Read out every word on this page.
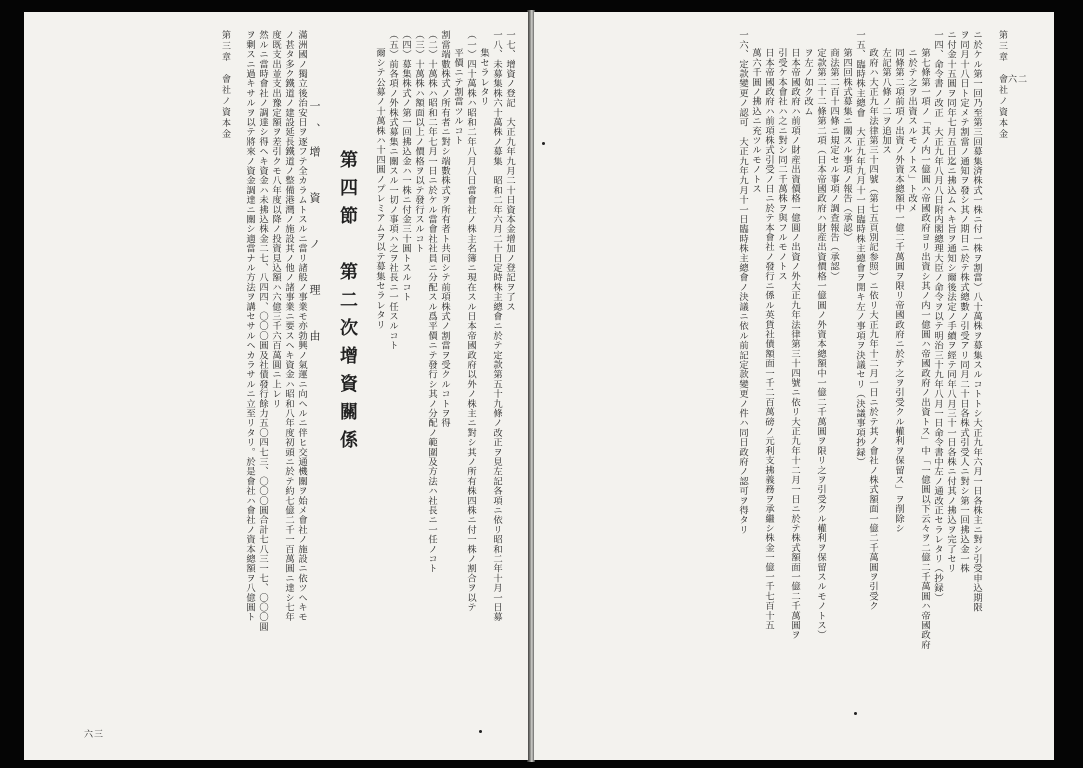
一七、增資ノ登記　大正九年九月二十日資本金增加ノ登記ヲ了ス
一八、未募集株六十萬株ノ募集　昭和二年六月二十日定時株主總會ニ於テ定款第五十九條ノ改正ヲ見左記各項ニ依リ昭和二年十月一日募
集セラレタリ
（一）四十萬株ハ昭和二年八月八日當會社ノ株主名簿ニ現在スル日本帝國政府以外ノ株主ニ對シ其ノ所有株四株ニ付一株ノ割合ヲ以テ
平價ニテ割當ツルコト
割當端數株式ノ所有者ニ對シ端數株式ヲ所有者ト共同シテ前項株式ノ割當ヲ受クルコトヲ得
（二）十萬株ハ昭和二年七月一日ニ於ケル當會社社員ニ分配スル爲平價ニテ發行シ其ノ分配ノ範圍及方法ハ社長ニ一任ノコト
（三）十萬株ハ額面以上ノ價格ヲ以テ發行スルコト
（四）募集株式ノ第一回拂込金ハ一株ニ付金三十圓トスルコト
（五）前各項ノ外株式募集ニ關スル一切ノ事項ハ之ヲ社長ニ一任スルコト
爾シテ公募ノ十萬株ハ十四圓ノプレミアムヲ以テ募集セラレタリ
第四節　第二次增資關係
一、增　資　ノ　理　由
滿洲國ノ獨立後治安日ヲ逐フテ全カラムトスルニ當リ諸般ノ事業モ亦勃興ノ氣運ニ向ヘルニ伴ヒ交通機關ヲ始メ會社ノ施設ニ依ツヘキモ
ノ甚タ多ク鐵道ノ建設延長鐵道ノ整備港灣ノ施設其ノ他ノ諸事業ニ要スヘキ資金ハ昭和八年度初頭ニ於テ約七億二千一百萬圓ニ達シ七年
度既支出並支出豫定額ヲ差引クモ八年度以降ノ投資見込額ハ六億三千六百萬圓ニ上レリ
然ルニ當時會社ノ調達シ得ヘキ資金ハ未拂込株金二七、八四四、〇〇〇圓及社債發行餘力五〇四七三、〇〇〇圓合計七八三一七、〇〇〇圓
ヲ剰スニ過キサルヲ以テ將來ノ資金調達ニ關シ適當ナル方法ヲ講セサルヘカラサルニ立至リタリ。於是會社ハ會社ノ資本總額ヲ八億圓ト
第三章　會社ノ資本金
六三
第三章　會社ノ資本金
ニ於ケル第一回乃至第三回募集済株式一株ニ付一株ヲ割當）八十萬株ヲ募集スルコトトシ大正九年六月一日各株主ニ對シ引受申込期限
ヲ同月十八日ト定メテ割當ノ通知ヲ發シ其ノ期日ニ於テ株式總數ノ引受アリ同月二十日各株式引受人ニ對シ第一回拂込金一株
ニ付金十五圓ヲ同年七月五日迄ニ拂込ムヘキ旨ヲ通知シ爾後法定ノ手續ヲ經テ同年八月三十一日各株ニ付其ノ拂込ヲ完了セリ
一四、命令書ノ改正　大正九年八月八日附内閣總理大臣ノ命令ヲ以テ明治三十九年八月一日命令書中左ノ通改正セラレタリ（抄録）
第七條第一項ノ「其ノ内一億圓ハ帝國政府ヨリ出資シ其ノ内一億圓ハ帝國政府ノ出資トス」中「一億圓以下云々ヲ二億二千萬圓ハ帝國政府
ニ於テ之ヲ出資スルモノトス」ト改メ
同條第二項前項ノ出資ノ外資本總額中一億二千萬圓ヲ限リ帝國政府ニ於テ之ヲ引受クル權利ヲ保留ス」ヲ削除シ
左記第八條ノ二ヲ追加ス
政府ハ大正九年法律第三十四號（第七五頁別記参照）ニ依リ大正九年十二月一日ニ於テ其ノ會社ノ株式額面一億二千萬圓ヲ引受ク
一五、臨時株主總會　大正九年九月十一日臨時株主總會ヲ開キ左ノ事項ヲ決議セリ（決議事項抄録）
第四回株式募集ニ關スル事項ノ報告（承認）
商法第二百十四條ニ規定セル事項ノ調査報告（承認）
定款第二十二條第二項（日本帝國政府ハ財産出資價格一億圓ノ外資本總額中一億二千萬圓ヲ限リ之ヲ引受クル權利ヲ保留スルモノトス）
ヲ左ノ如ク改ム
日本帝國政府ハ前項ノ財産出資價格一億圓ノ出資ノ外大正九年法律第三十四號ニ依リ大正九年十二月一日ニ於テ株式額面一億二千萬圓ヲ
引受ケ本會社ハ之ニ對シ同二千萬株ヲ與フルモノトス
日本帝國政府ハ前項株式引受ノ日ニ於テ本會社ノ發行ニ係ル英貨社債額面一千二百萬磅ノ元利支拂義務ヲ承繼シ株金一億一千七百十五
萬六千圓ノ拂込ニ充ツルモノトス
一六、定款變更ノ認可　大正九年九月十一日臨時株主總會ノ決議ニ依ル前記定款變更ノ件ハ同日政府ノ認可ヲ得タリ	六二
